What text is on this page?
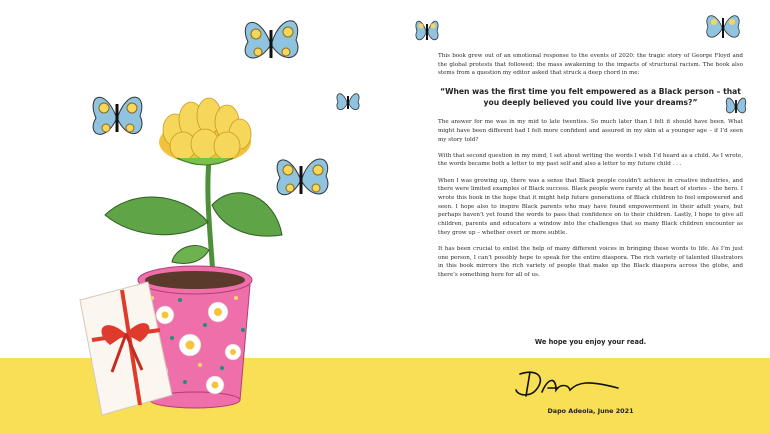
This book grew out of an emotional response to the events of 2020: the tragic story of George Floyd and the global protests that followed; the mass awakening to the impacts of structural racism. The book also stems from a question my editor asked that struck a deep chord in me:

“When was the first time you felt empowered as a Black person – that you deeply believed you could live your dreams?”

The answer for me was in my mid to late twenties. So much later than I felt it should have been. What might have been different had I felt more confident and assured in my skin at a younger age – if I’d seen my story told?

With that second question in my mind, I set about writing the words I wish I’d heard as a child. As I wrote, the words became both a letter to my past self and also a letter to my future child . . .

When I was growing up, there was a sense that Black people couldn’t achieve in creative industries, and there were limited examples of Black success. Black people were rarely at the heart of stories – the hero. I wrote this book in the hope that it might help future generations of Black children to feel empowered and seen. I hope also to inspire Black parents who may have found empowerment in their adult years, but perhaps haven’t yet found the words to pass that confidence on to their children. Lastly, I hope to give all children, parents and educators a window into the challenges that so many Black children encounter as they grow up – whether overt or more subtle.

It has been crucial to enlist the help of many different voices in bringing these words to life. As I’m just one person, I can’t possibly hope to speak for the entire diaspora. The rich variety of talented illustrators in this book mirrors the rich variety of people that make up the Black diaspora across the globe, and there’s something here for all of us.

We hope you enjoy your read.
Dapo Adeola, June 2021
